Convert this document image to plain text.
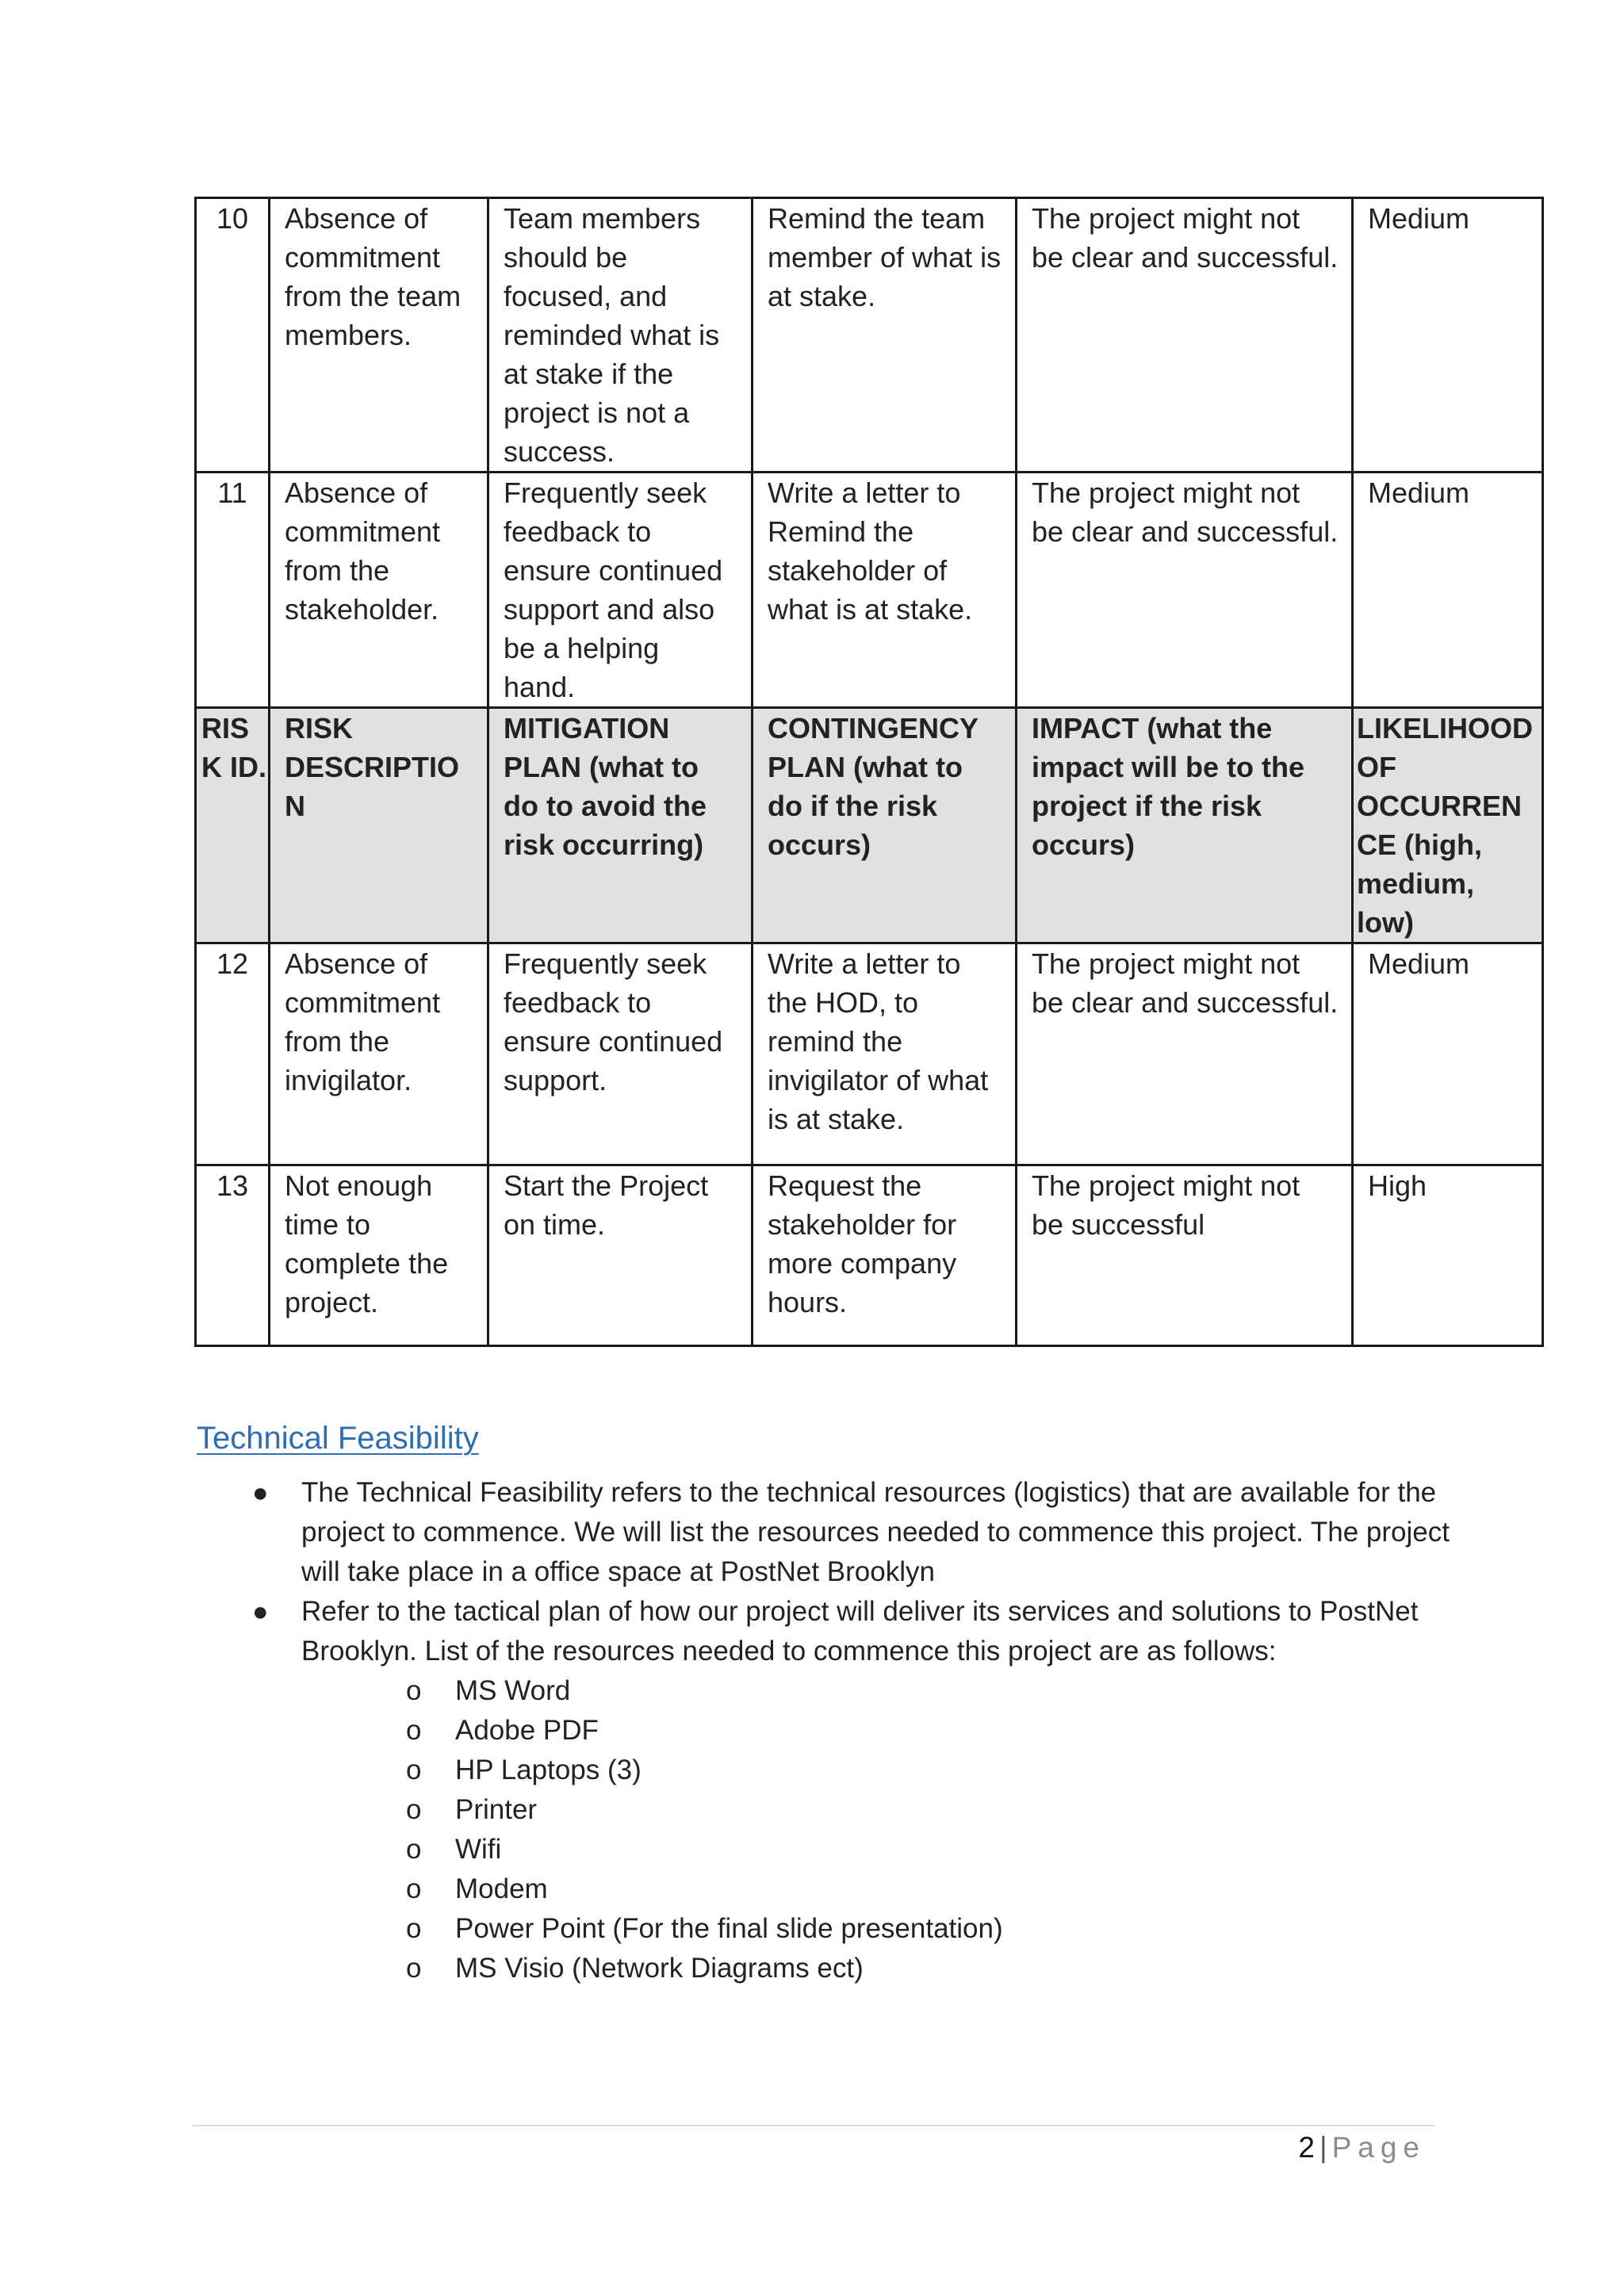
10	Absence of commitment from the team members.	Team members should be focused, and reminded what is at stake if the project is not a success.	Remind the team member of what is at stake.	The project might not be clear and successful.	Medium
11	Absence of commitment from the stakeholder.	Frequently seek feedback to ensure continued support and also be a helping hand.	Write a letter to Remind the stakeholder of what is at stake.	The project might not be clear and successful.	Medium
RISK ID.	RISK DESCRIPTION	MITIGATION PLAN (what to do to avoid the risk occurring)	CONTINGENCY PLAN (what to do if the risk occurs)	IMPACT (what the impact will be to the project if the risk occurs)	LIKELIHOOD OF OCCURRENCE (high, medium, low)
12	Absence of commitment from the invigilator.	Frequently seek feedback to ensure continued support.	Write a letter to the HOD, to remind the invigilator of what is at stake.	The project might not be clear and successful.	Medium
13	Not enough time to complete the project.	Start the Project on time.	Request the stakeholder for more company hours.	The project might not be successful	High
Technical Feasibility
● The Technical Feasibility refers to the technical resources (logistics) that are available for the project to commence. We will list the resources needed to commence this project. The project will take place in a office space at PostNet Brooklyn
● Refer to the tactical plan of how our project will deliver its services and solutions to PostNet Brooklyn. List of the resources needed to commence this project are as follows:
o MS Word
o Adobe PDF
o HP Laptops (3)
o Printer
o Wifi
o Modem
o Power Point (For the final slide presentation)
o MS Visio (Network Diagrams ect)
2 | Page
